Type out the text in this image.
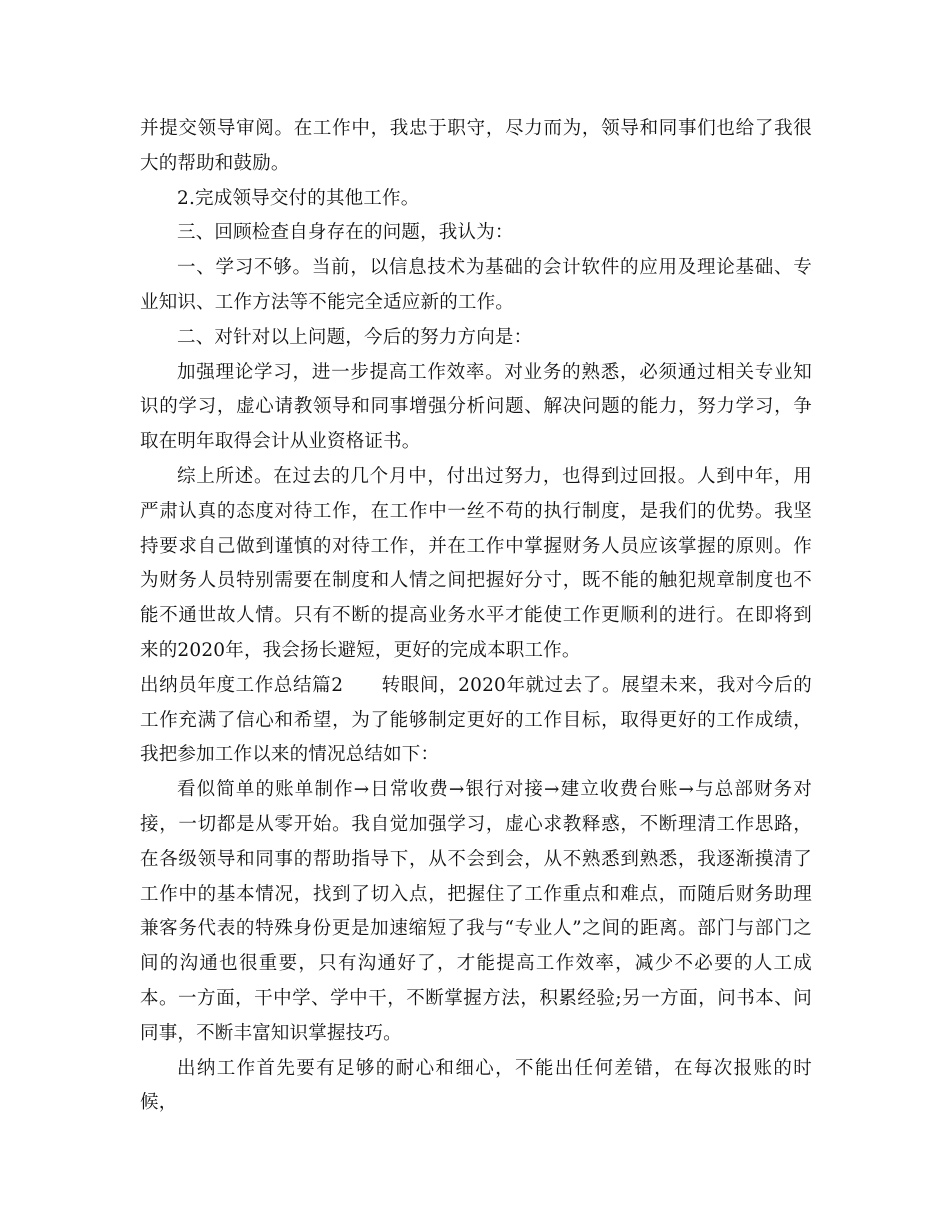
并提交领导审阅。在工作中，我忠于职守，尽力而为，领导和同事们也给了我很大的帮助和鼓励。

2.完成领导交付的其他工作。

三、回顾检查自身存在的问题，我认为：

一、学习不够。当前，以信息技术为基础的会计软件的应用及理论基础、专业知识、工作方法等不能完全适应新的工作。

二、对针对以上问题，今后的努力方向是：

加强理论学习，进一步提高工作效率。对业务的熟悉，必须通过相关专业知识的学习，虚心请教领导和同事增强分析问题、解决问题的能力，努力学习，争取在明年取得会计从业资格证书。

综上所述。在过去的几个月中，付出过努力，也得到过回报。人到中年，用严肃认真的态度对待工作，在工作中一丝不苟的执行制度，是我们的优势。我坚持要求自己做到谨慎的对待工作，并在工作中掌握财务人员应该掌握的原则。作为财务人员特别需要在制度和人情之间把握好分寸，既不能的触犯规章制度也不能不通世故人情。只有不断的提高业务水平才能使工作更顺利的进行。在即将到来的2020年，我会扬长避短，更好的完成本职工作。

出纳员年度工作总结篇2 转眼间，2020年就过去了。展望未来，我对今后的工作充满了信心和希望，为了能够制定更好的工作目标，取得更好的工作成绩，我把参加工作以来的情况总结如下：

看似简单的账单制作→日常收费→银行对接→建立收费台账→与总部财务对接，一切都是从零开始。我自觉加强学习，虚心求教释惑，不断理清工作思路，在各级领导和同事的帮助指导下，从不会到会，从不熟悉到熟悉，我逐渐摸清了工作中的基本情况，找到了切入点，把握住了工作重点和难点，而随后财务助理兼客务代表的特殊身份更是加速缩短了我与“专业人”之间的距离。部门与部门之间的沟通也很重要，只有沟通好了，才能提高工作效率，减少不必要的人工成本。一方面，干中学、学中干，不断掌握方法，积累经验;另一方面，问书本、问同事，不断丰富知识掌握技巧。

出纳工作首先要有足够的耐心和细心，不能出任何差错，在每次报账的时候，
